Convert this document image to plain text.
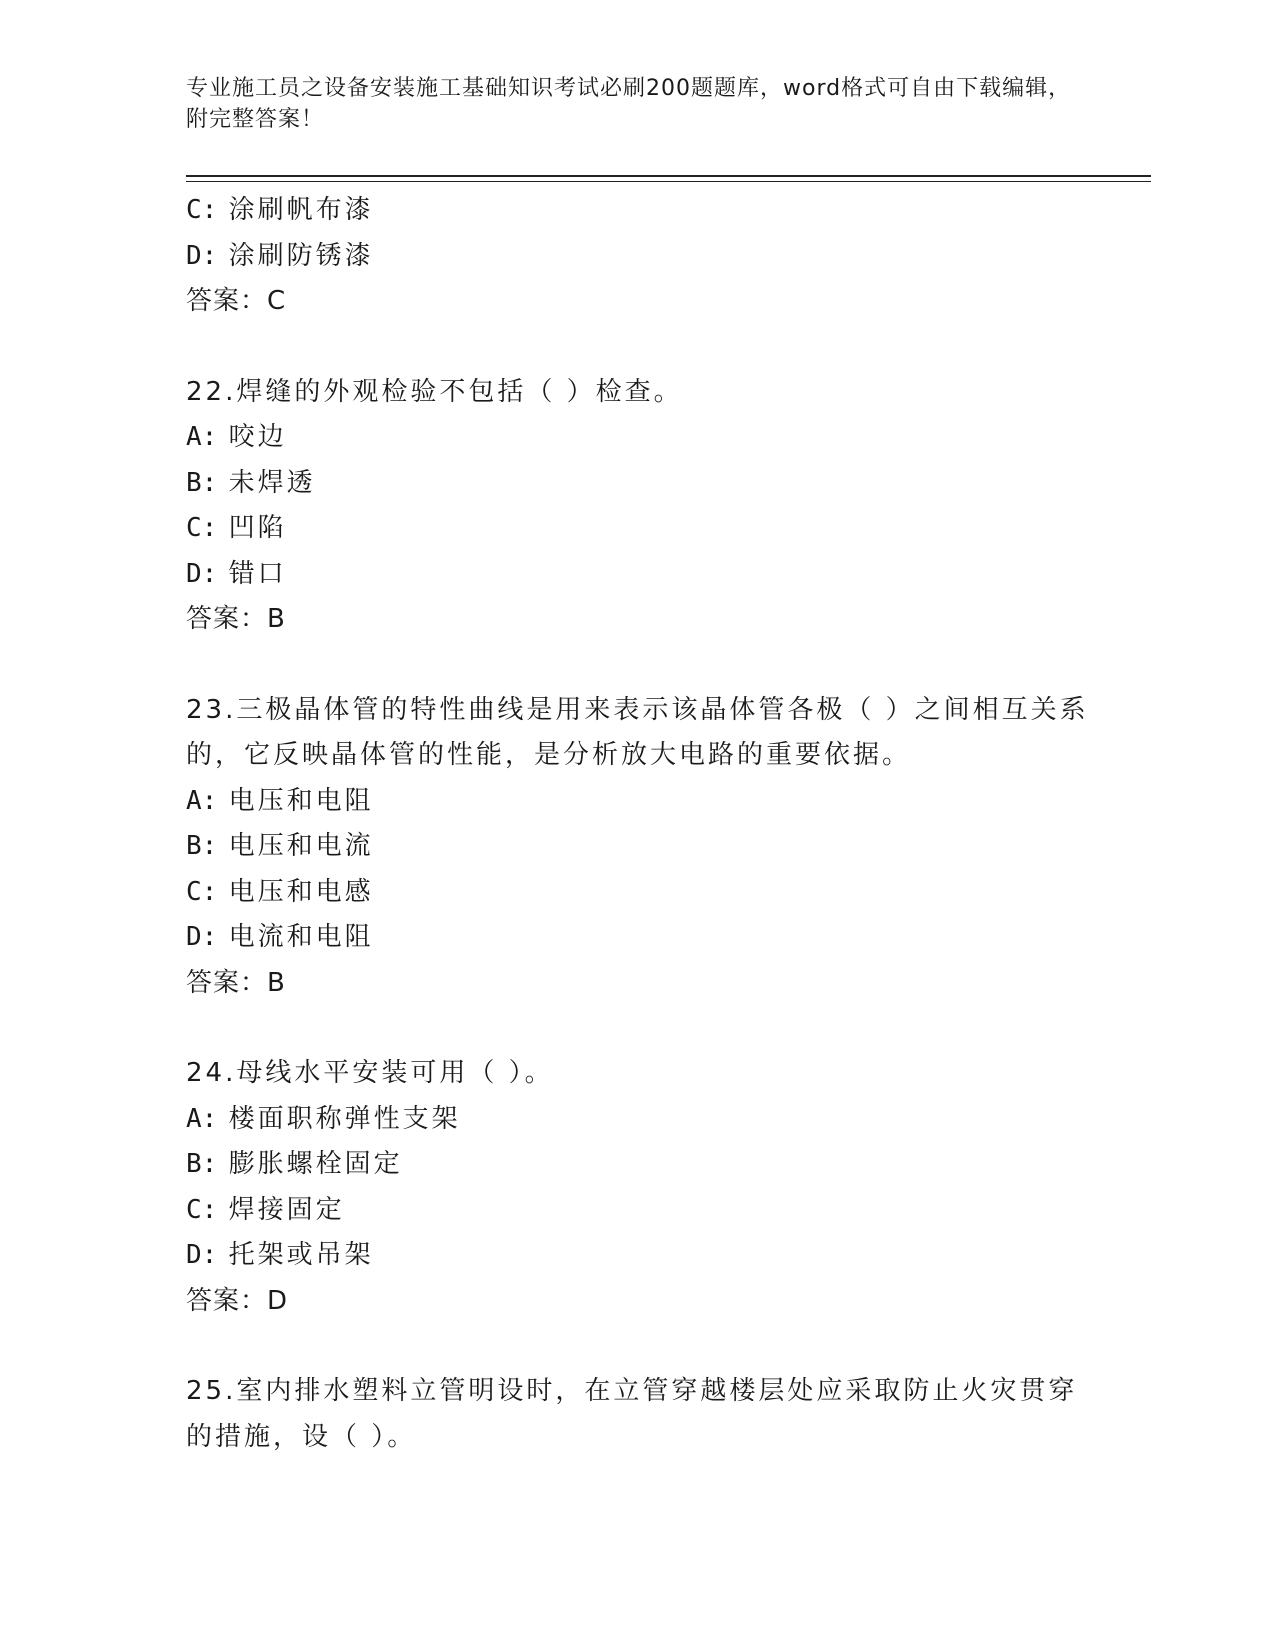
专业施工员之设备安装施工基础知识考试必刷200题题库，word格式可自由下载编辑，附完整答案！
C: 涂刷帆布漆
D: 涂刷防锈漆
答案：C
22.焊缝的外观检验不包括（ ）检查。
A: 咬边
B: 未焊透
C: 凹陷
D: 错口
答案：B
23.三极晶体管的特性曲线是用来表示该晶体管各极（ ）之间相互关系的，它反映晶体管的性能，是分析放大电路的重要依据。
A: 电压和电阻
B: 电压和电流
C: 电压和电感
D: 电流和电阻
答案：B
24.母线水平安装可用（ ）。
A: 楼面职称弹性支架
B: 膨胀螺栓固定
C: 焊接固定
D: 托架或吊架
答案：D
25.室内排水塑料立管明设时，在立管穿越楼层处应采取防止火灾贯穿的措施，设（ ）。
